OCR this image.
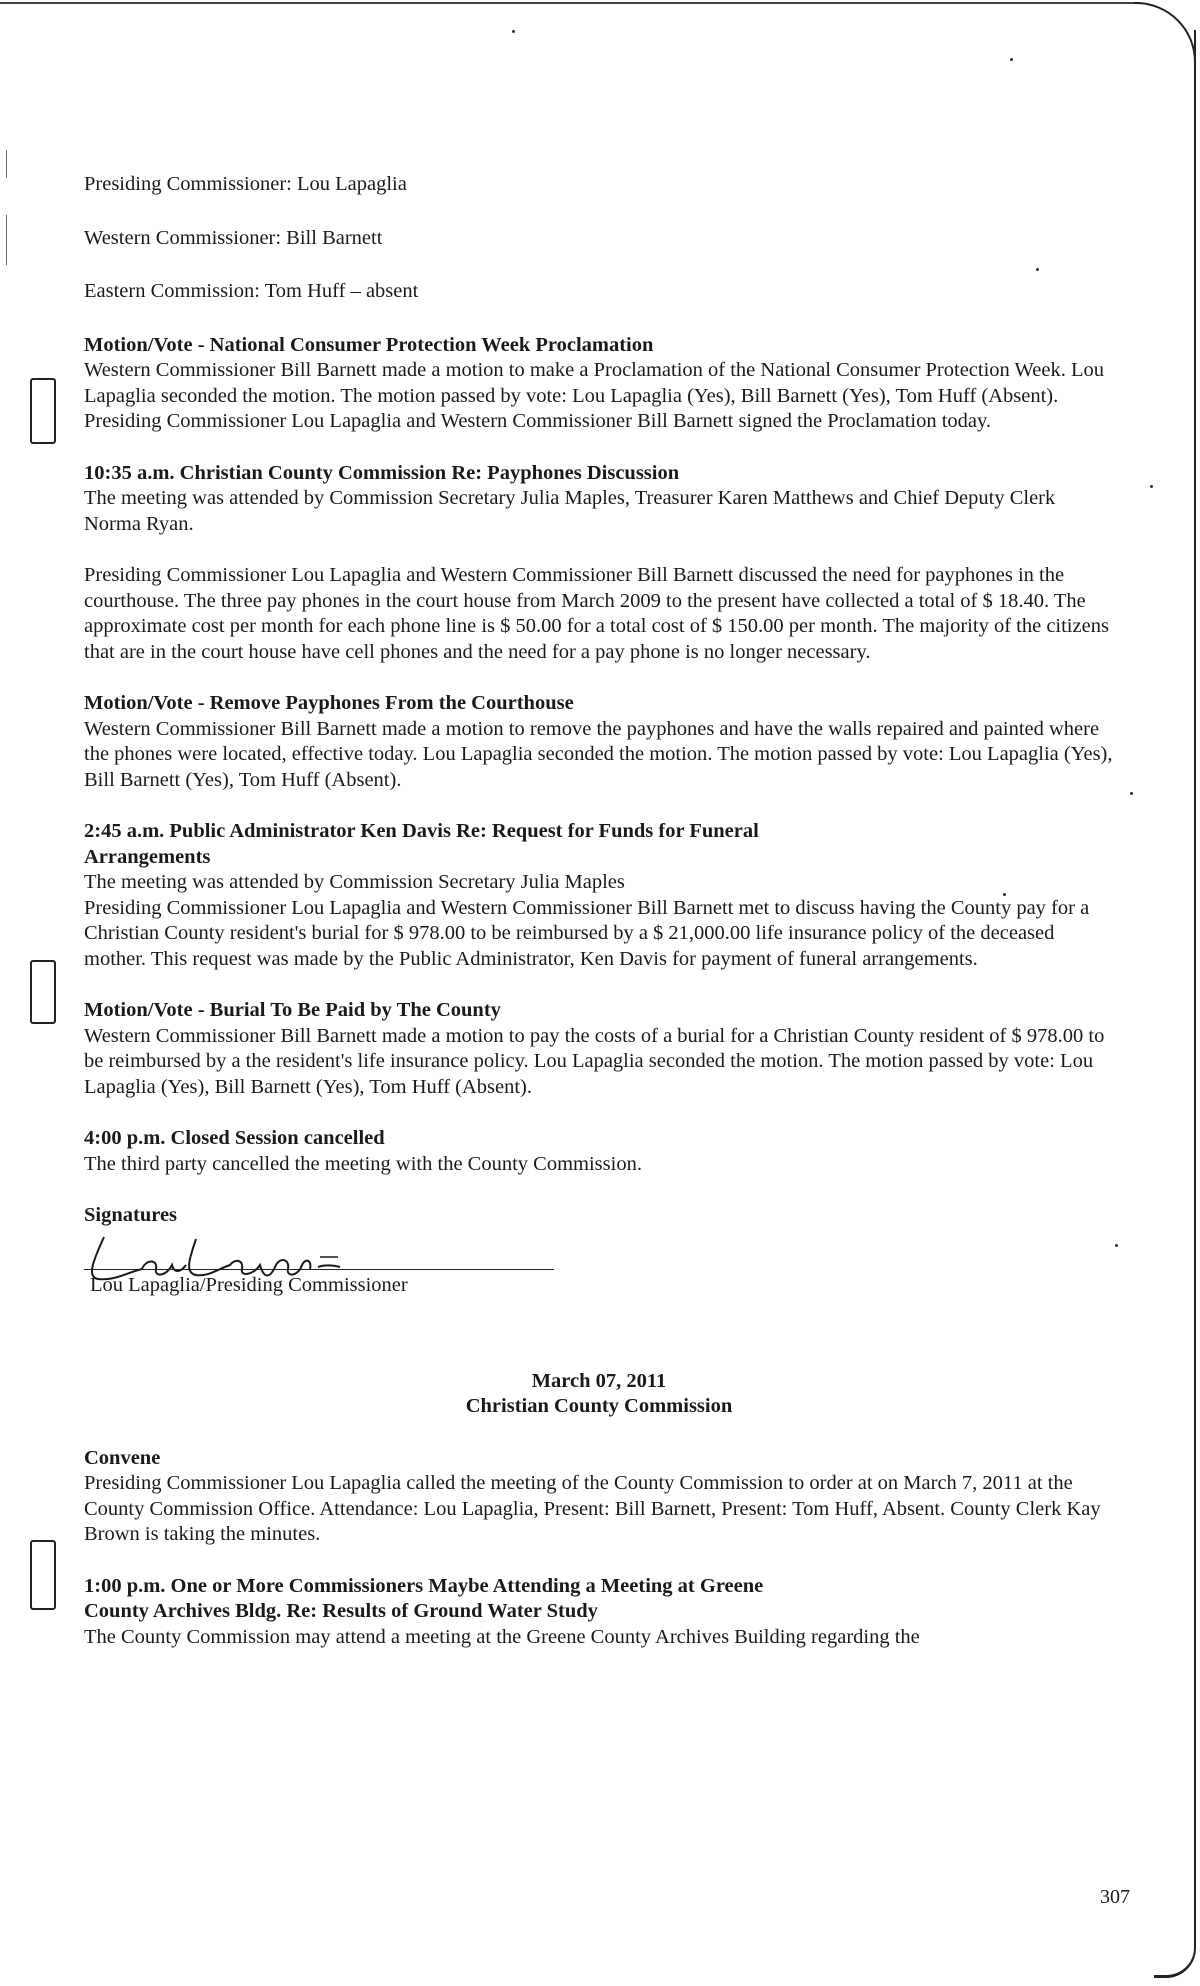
Presiding Commissioner: Lou Lapaglia

Western Commissioner: Bill Barnett

Eastern Commission: Tom Huff – absent

Motion/Vote - National Consumer Protection Week Proclamation

Western Commissioner Bill Barnett made a motion to make a Proclamation of the National Consumer Protection Week. Lou Lapaglia seconded the motion. The motion passed by vote: Lou Lapaglia (Yes), Bill Barnett (Yes), Tom Huff (Absent). Presiding Commissioner Lou Lapaglia and Western Commissioner Bill Barnett signed the Proclamation today.

10:35 a.m. Christian County Commission Re: Payphones Discussion

The meeting was attended by Commission Secretary Julia Maples, Treasurer Karen Matthews and Chief Deputy Clerk Norma Ryan.

Presiding Commissioner Lou Lapaglia and Western Commissioner Bill Barnett discussed the need for payphones in the courthouse. The three pay phones in the court house from March 2009 to the present have collected a total of $ 18.40. The approximate cost per month for each phone line is $ 50.00 for a total cost of $ 150.00 per month. The majority of the citizens that are in the court house have cell phones and the need for a pay phone is no longer necessary.

Motion/Vote - Remove Payphones From the Courthouse

Western Commissioner Bill Barnett made a motion to remove the payphones and have the walls repaired and painted where the phones were located, effective today. Lou Lapaglia seconded the motion. The motion passed by vote: Lou Lapaglia (Yes), Bill Barnett (Yes), Tom Huff (Absent).

2:45 a.m. Public Administrator Ken Davis Re: Request for Funds for Funeral

Arrangements

The meeting was attended by Commission Secretary Julia Maples

Presiding Commissioner Lou Lapaglia and Western Commissioner Bill Barnett met to discuss having the County pay for a Christian County resident's burial for $ 978.00 to be reimbursed by a $ 21,000.00 life insurance policy of the deceased mother. This request was made by the Public Administrator, Ken Davis for payment of funeral arrangements.

Motion/Vote - Burial To Be Paid by The County

Western Commissioner Bill Barnett made a motion to pay the costs of a burial for a Christian County resident of $ 978.00 to be reimbursed by a the resident's life insurance policy. Lou Lapaglia seconded the motion. The motion passed by vote: Lou Lapaglia (Yes), Bill Barnett (Yes), Tom Huff (Absent).

4:00 p.m. Closed Session cancelled

The third party cancelled the meeting with the County Commission.

Signatures

Lou Lapaglia/Presiding Commissioner

March 07, 2011

Christian County Commission

Convene

Presiding Commissioner Lou Lapaglia called the meeting of the County Commission to order at on March 7, 2011 at the County Commission Office. Attendance: Lou Lapaglia, Present: Bill Barnett, Present: Tom Huff, Absent. County Clerk Kay Brown is taking the minutes.

1:00 p.m. One or More Commissioners Maybe Attending a Meeting at Greene

County Archives Bldg. Re: Results of Ground Water Study

The County Commission may attend a meeting at the Greene County Archives Building regarding the

307
